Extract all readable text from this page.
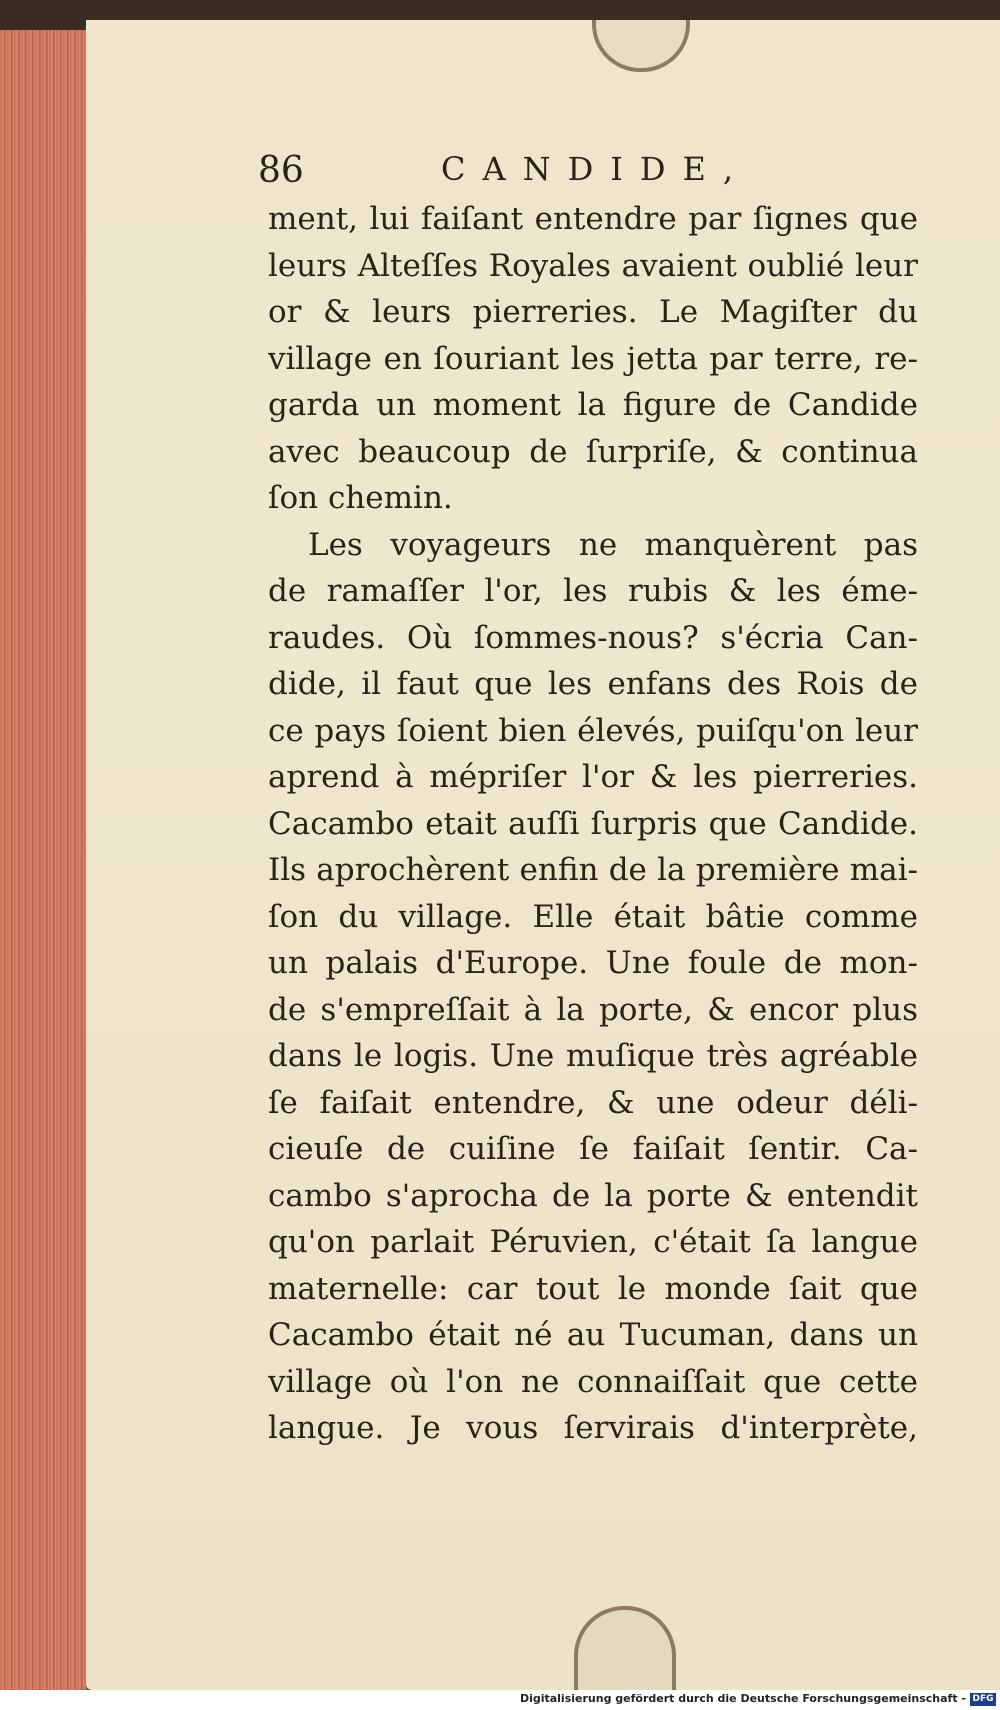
86	CANDIDE,
ment, lui faiſant entendre par ſignes que
leurs Alteſſes Royales avaient oublié leur
or & leurs pierreries. Le Magiſter du
village en ſouriant les jetta par terre, re-
garda un moment la figure de Candide
avec beaucoup de ſurpriſe, & continua
ſon chemin.
Les voyageurs ne manquèrent pas
de ramaſſer l'or, les rubis & les éme-
raudes. Où ſommes-nous? s'écria Can-
dide, il faut que les enfans des Rois de
ce pays ſoient bien élevés, puiſqu'on leur
aprend à mépriſer l'or & les pierreries.
Cacambo etait auſſi ſurpris que Candide.
Ils aprochèrent enfin de la première mai-
ſon du village. Elle était bâtie comme
un palais d'Europe. Une foule de mon-
de s'empreſſait à la porte, & encor plus
dans le logis. Une muſique très agréable
ſe faiſait entendre, & une odeur déli-
cieuſe de cuiſine ſe faiſait ſentir. Ca-
cambo s'aprocha de la porte & entendit
qu'on parlait Péruvien, c'était ſa langue
maternelle: car tout le monde ſait que
Cacambo était né au Tucuman, dans un
village où l'on ne connaiſſait que cette
langue. Je vous ſervirais d'interprète,
Digitalisierung gefördert durch die Deutsche Forschungsgemeinschaft - DFG
